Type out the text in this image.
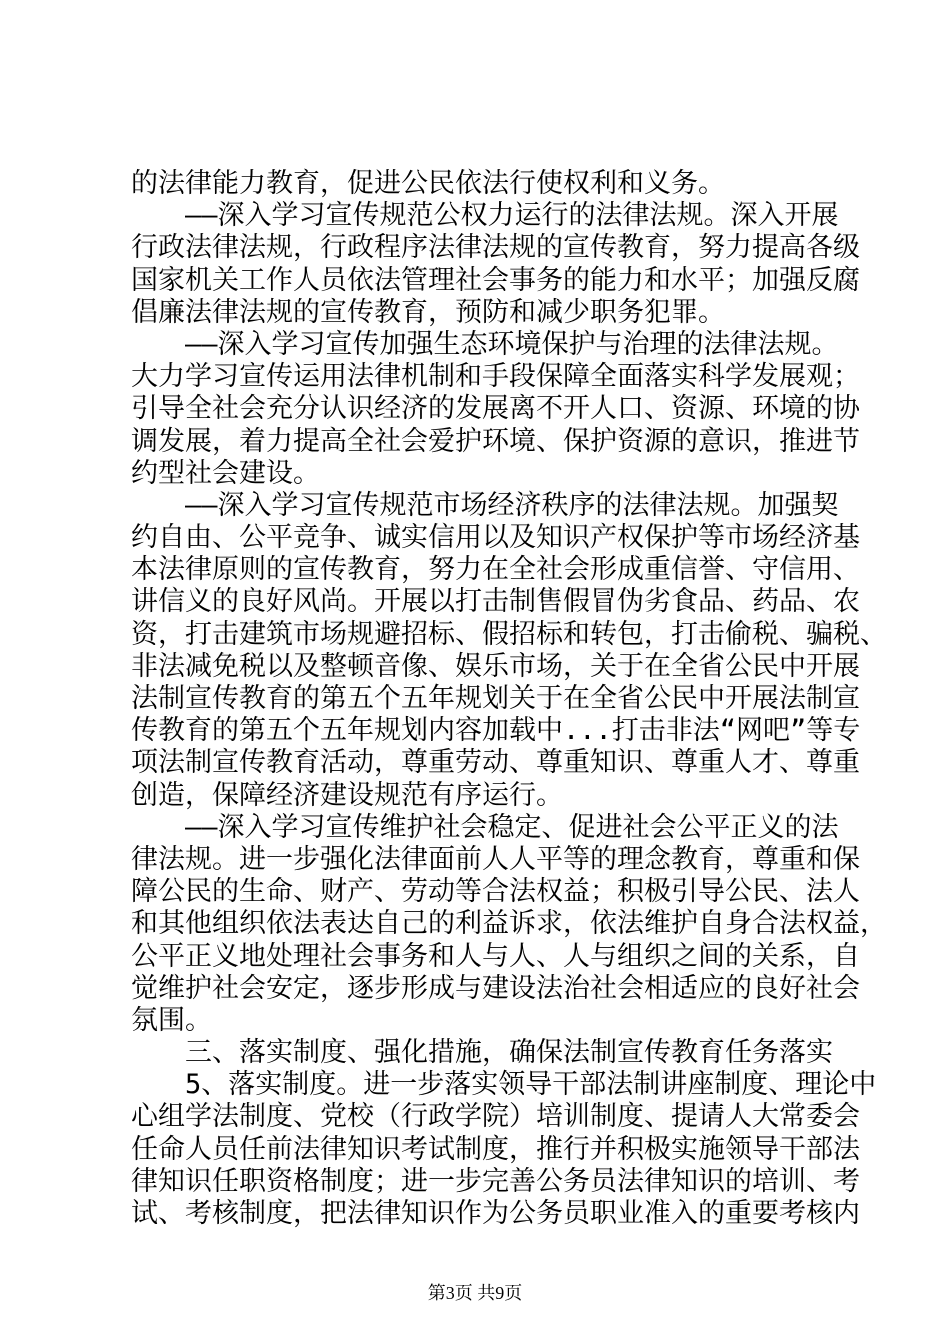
的法律能力教育，促进公民依法行使权利和义务。
——深入学习宣传规范公权力运行的法律法规。深入开展
行政法律法规，行政程序法律法规的宣传教育，努力提高各级
国家机关工作人员依法管理社会事务的能力和水平；加强反腐
倡廉法律法规的宣传教育，预防和减少职务犯罪。
——深入学习宣传加强生态环境保护与治理的法律法规。
大力学习宣传运用法律机制和手段保障全面落实科学发展观；
引导全社会充分认识经济的发展离不开人口、资源、环境的协
调发展，着力提高全社会爱护环境、保护资源的意识，推进节
约型社会建设。
——深入学习宣传规范市场经济秩序的法律法规。加强契
约自由、公平竞争、诚实信用以及知识产权保护等市场经济基
本法律原则的宣传教育，努力在全社会形成重信誉、守信用、
讲信义的良好风尚。开展以打击制售假冒伪劣食品、药品、农
资，打击建筑市场规避招标、假招标和转包，打击偷税、骗税、
非法减免税以及整顿音像、娱乐市场，关于在全省公民中开展
法制宣传教育的第五个五年规划关于在全省公民中开展法制宣
传教育的第五个五年规划内容加载中...打击非法“网吧”等专
项法制宣传教育活动，尊重劳动、尊重知识、尊重人才、尊重
创造，保障经济建设规范有序运行。
——深入学习宣传维护社会稳定、促进社会公平正义的法
律法规。进一步强化法律面前人人平等的理念教育，尊重和保
障公民的生命、财产、劳动等合法权益；积极引导公民、法人
和其他组织依法表达自己的利益诉求，依法维护自身合法权益，
公平正义地处理社会事务和人与人、人与组织之间的关系，自
觉维护社会安定，逐步形成与建设法治社会相适应的良好社会
氛围。
三、落实制度、强化措施，确保法制宣传教育任务落实
5、落实制度。进一步落实领导干部法制讲座制度、理论中
心组学法制度、党校（行政学院）培训制度、提请人大常委会
任命人员任前法律知识考试制度，推行并积极实施领导干部法
律知识任职资格制度；进一步完善公务员法律知识的培训、考
试、考核制度，把法律知识作为公务员职业准入的重要考核内
第3页 共9页
